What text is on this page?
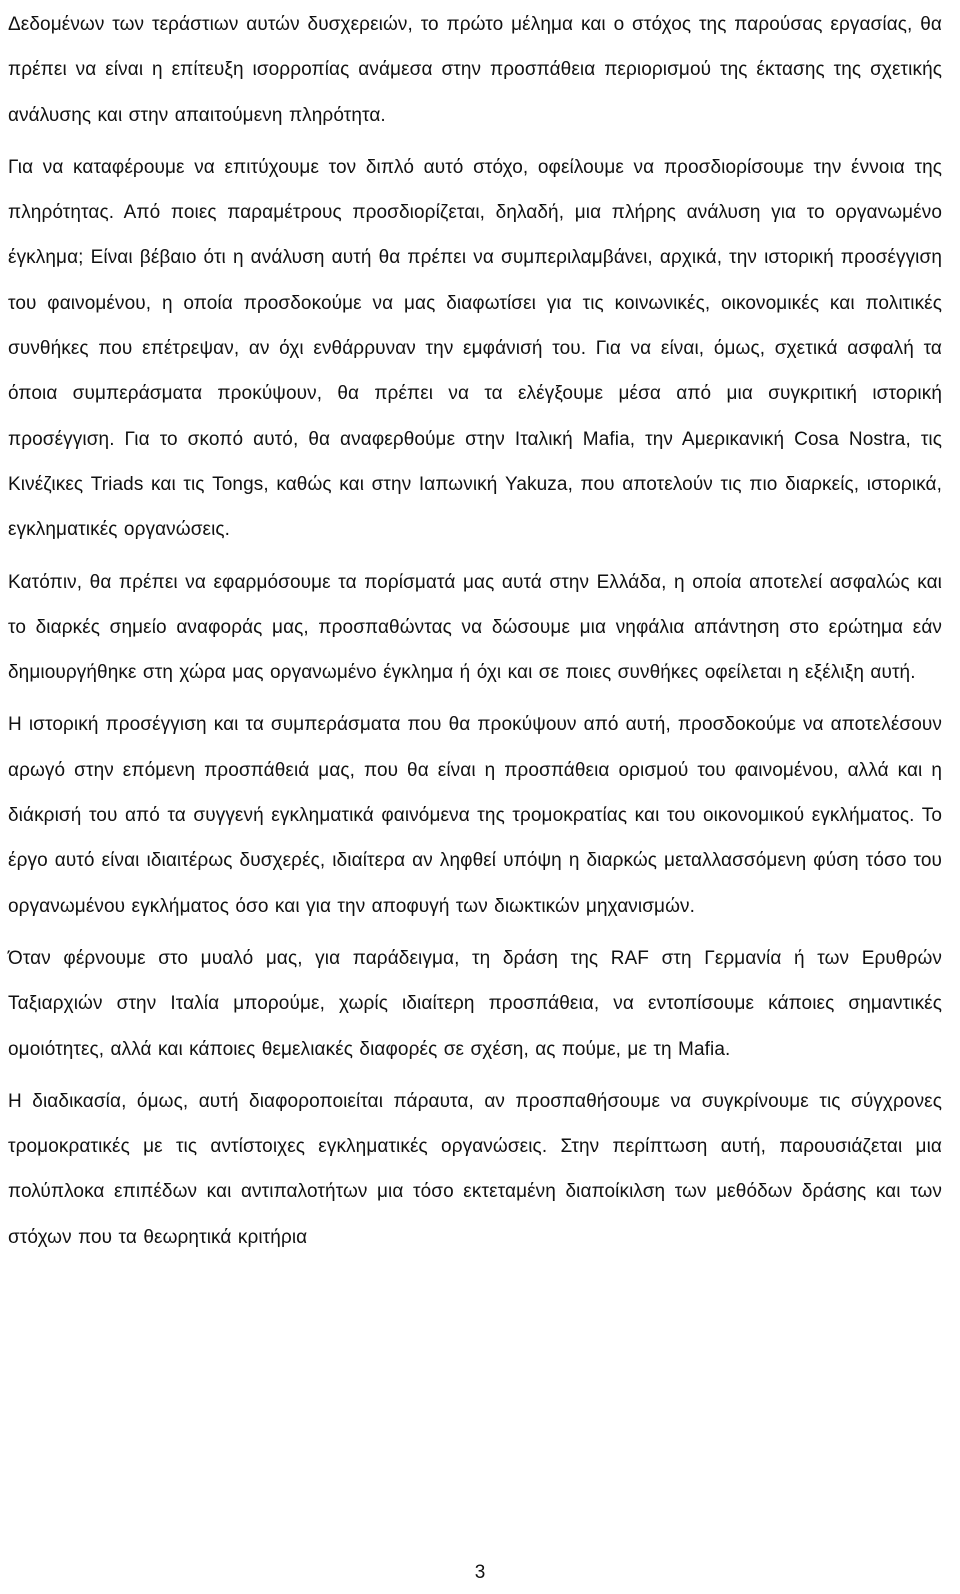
Δεδομένων των τεράστιων αυτών δυσχερειών, το πρώτο μέλημα και ο στόχος της παρούσας εργασίας, θα πρέπει να είναι η επίτευξη ισορροπίας ανάμεσα στην προσπάθεια περιορισμού της έκτασης της σχετικής ανάλυσης και στην απαιτούμενη πληρότητα.

Για να καταφέρουμε να επιτύχουμε τον διπλό αυτό στόχο, οφείλουμε να προσδιορίσουμε την έννοια της πληρότητας. Από ποιες παραμέτρους προσδιορίζεται, δηλαδή, μια πλήρης ανάλυση για το οργανωμένο έγκλημα; Είναι βέβαιο ότι η ανάλυση αυτή θα πρέπει να συμπεριλαμβάνει, αρχικά, την ιστορική προσέγγιση του φαινομένου, η οποία προσδοκούμε να μας διαφωτίσει για τις κοινωνικές, οικονομικές και πολιτικές συνθήκες που επέτρεψαν, αν όχι ενθάρρυναν την εμφάνισή του. Για να είναι, όμως, σχετικά ασφαλή τα όποια συμπεράσματα προκύψουν, θα πρέπει να τα ελέγξουμε μέσα από μια συγκριτική ιστορική προσέγγιση. Για το σκοπό αυτό, θα αναφερθούμε στην Ιταλική Mafia, την Αμερικανική Cosa Nostra, τις Κινέζικες Triads και τις Tongs, καθώς και στην Ιαπωνική Yakuza, που αποτελούν τις πιο διαρκείς, ιστορικά, εγκληματικές οργανώσεις.

Κατόπιν, θα πρέπει να εφαρμόσουμε τα πορίσματά μας αυτά στην Ελλάδα, η οποία αποτελεί ασφαλώς και το διαρκές σημείο αναφοράς μας, προσπαθώντας να δώσουμε μια νηφάλια απάντηση στο ερώτημα εάν δημιουργήθηκε στη χώρα μας οργανωμένο έγκλημα ή όχι και σε ποιες συνθήκες οφείλεται η εξέλιξη αυτή.

Η ιστορική προσέγγιση και τα συμπεράσματα που θα προκύψουν από αυτή, προσδοκούμε να αποτελέσουν αρωγό στην επόμενη προσπάθειά μας, που θα είναι η προσπάθεια ορισμού του φαινομένου, αλλά και η διάκρισή του από τα συγγενή εγκληματικά φαινόμενα της τρομοκρατίας και του οικονομικού εγκλήματος. Το έργο αυτό είναι ιδιαιτέρως δυσχερές, ιδιαίτερα αν ληφθεί υπόψη η διαρκώς μεταλλασσόμενη φύση τόσο του οργανωμένου εγκλήματος όσο και για την αποφυγή των διωκτικών μηχανισμών.

Όταν φέρνουμε στο μυαλό μας, για παράδειγμα, τη δράση της RAF στη Γερμανία ή των Ερυθρών Ταξιαρχιών στην Ιταλία μπορούμε, χωρίς ιδιαίτερη προσπάθεια, να εντοπίσουμε κάποιες σημαντικές ομοιότητες, αλλά και κάποιες θεμελιακές διαφορές σε σχέση, ας πούμε, με τη Mafia.

Η διαδικασία, όμως, αυτή διαφοροποιείται πάραυτα, αν προσπαθήσουμε να συγκρίνουμε τις σύγχρονες τρομοκρατικές με τις αντίστοιχες εγκληματικές οργανώσεις. Στην περίπτωση αυτή, παρουσιάζεται μια πολύπλοκα επιπέδων και αντιπαλοτήτων μια τόσο εκτεταμένη διαποίκιλση των μεθόδων δράσης και των στόχων που τα θεωρητικά κριτήρια

3
